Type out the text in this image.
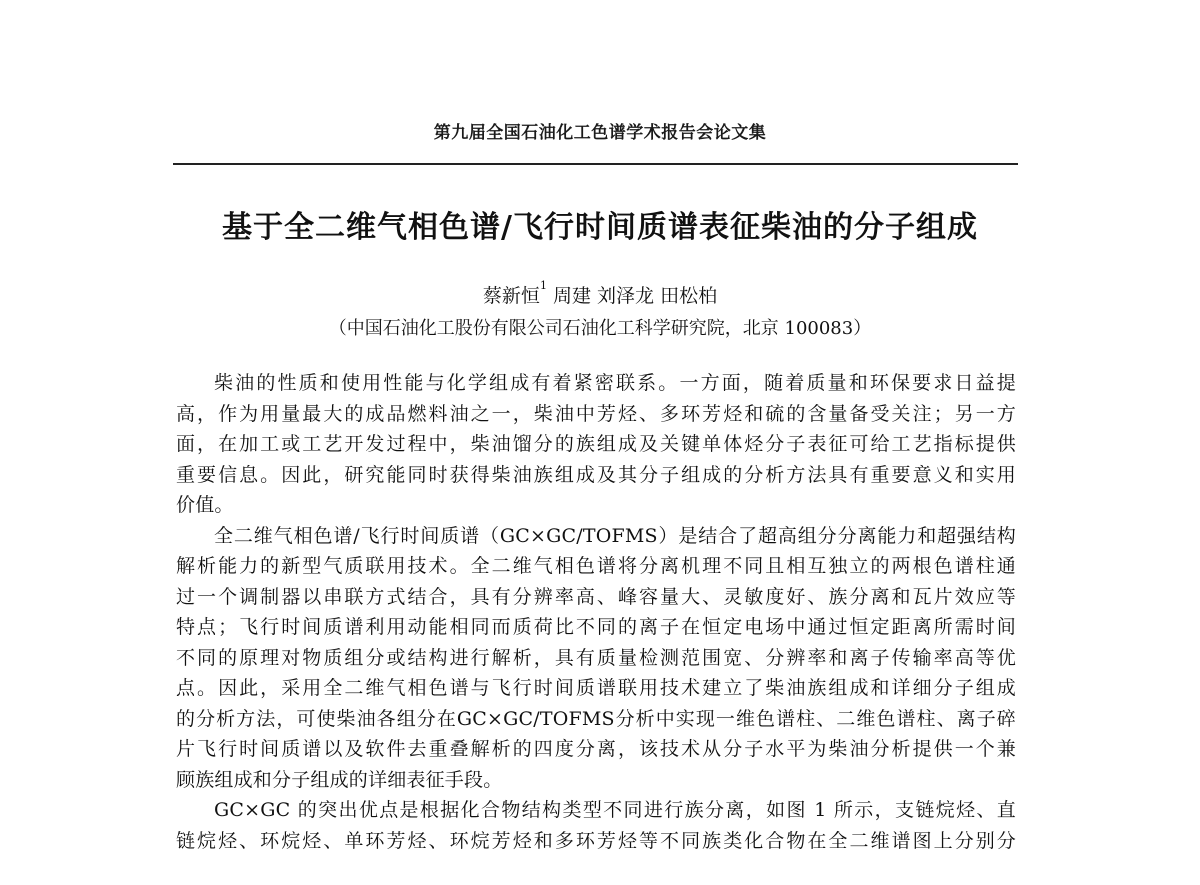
第九届全国石油化工色谱学术报告会论文集
基于全二维气相色谱/飞行时间质谱表征柴油的分子组成
蔡新恒$^1$ 周建 刘泽龙 田松柏
（中国石油化工股份有限公司石油化工科学研究院，北京 100083）
柴油的性质和使用性能与化学组成有着紧密联系。一方面，随着质量和环保要求日益提
高，作为用量最大的成品燃料油之一，柴油中芳烃、多环芳烃和硫的含量备受关注；另一方
面，在加工或工艺开发过程中，柴油馏分的族组成及关键单体烃分子表征可给工艺指标提供
重要信息。因此，研究能同时获得柴油族组成及其分子组成的分析方法具有重要意义和实用
价值。
全二维气相色谱/飞行时间质谱（GC×GC/TOFMS）是结合了超高组分分离能力和超强结构
解析能力的新型气质联用技术。全二维气相色谱将分离机理不同且相互独立的两根色谱柱通
过一个调制器以串联方式结合，具有分辨率高、峰容量大、灵敏度好、族分离和瓦片效应等
特点；飞行时间质谱利用动能相同而质荷比不同的离子在恒定电场中通过恒定距离所需时间
不同的原理对物质组分或结构进行解析，具有质量检测范围宽、分辨率和离子传输率高等优
点。因此，采用全二维气相色谱与飞行时间质谱联用技术建立了柴油族组成和详细分子组成
的分析方法，可使柴油各组分在GC×GC/TOFMS分析中实现一维色谱柱、二维色谱柱、离子碎
片飞行时间质谱以及软件去重叠解析的四度分离，该技术从分子水平为柴油分析提供一个兼
顾族组成和分子组成的详细表征手段。
GC×GC 的突出优点是根据化合物结构类型不同进行族分离，如图 1 所示，支链烷烃、直
链烷烃、环烷烃、单环芳烃、环烷芳烃和多环芳烃等不同族类化合物在全二维谱图上分别分
